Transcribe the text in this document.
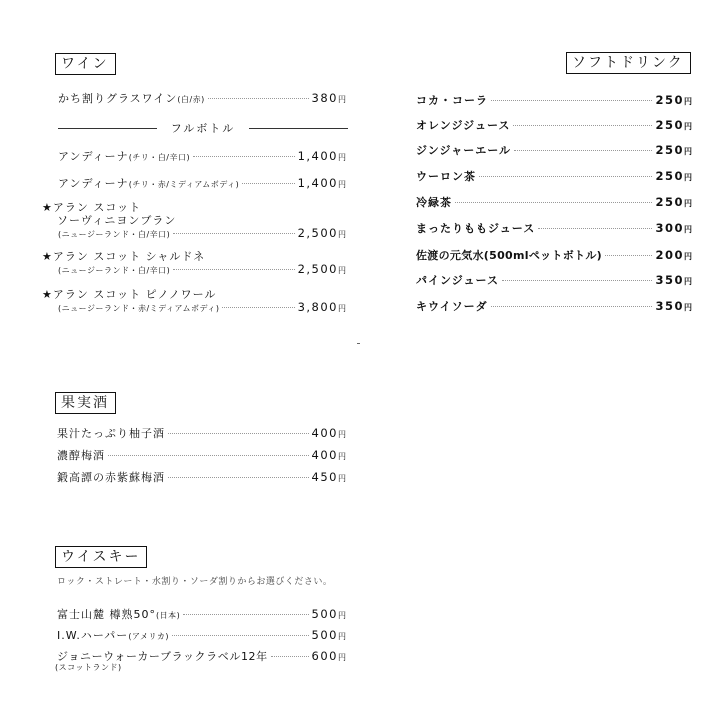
ワイン
かち割りグラスワイン(白/赤)	380円
フルボトル
アンディーナ(チリ・白/辛口)	1,400円
アンディーナ(チリ・赤/ミディアムボディ)	1,400円
★アラン スコット
ソーヴィニヨンブラン
(ニュージーランド・白/辛口)	2,500円
★アラン スコット シャルドネ
(ニュージーランド・白/辛口)	2,500円
★アラン スコット ピノノワール
(ニュージーランド・赤/ミディアムボディ)	3,800円
ソフトドリンク
コカ・コーラ	250円
オレンジジュース	250円
ジンジャーエール	250円
ウーロン茶	250円
冷緑茶	250円
まったりももジュース	300円
佐渡の元気水(500mlペットボトル)	200円
パインジュース	350円
キウイソーダ	350円
果実酒
果汁たっぷり柚子酒	400円
濃醇梅酒	400円
鍛高譚の赤紫蘇梅酒	450円
ウイスキー
ロック・ストレート・水割り・ソーダ割りからお選びください。
富士山麓 樽熟50°(日本)	500円
I.W.ハーパー(アメリカ)	500円
ジョニーウォーカーブラックラベル12年	600円
(スコットランド)
